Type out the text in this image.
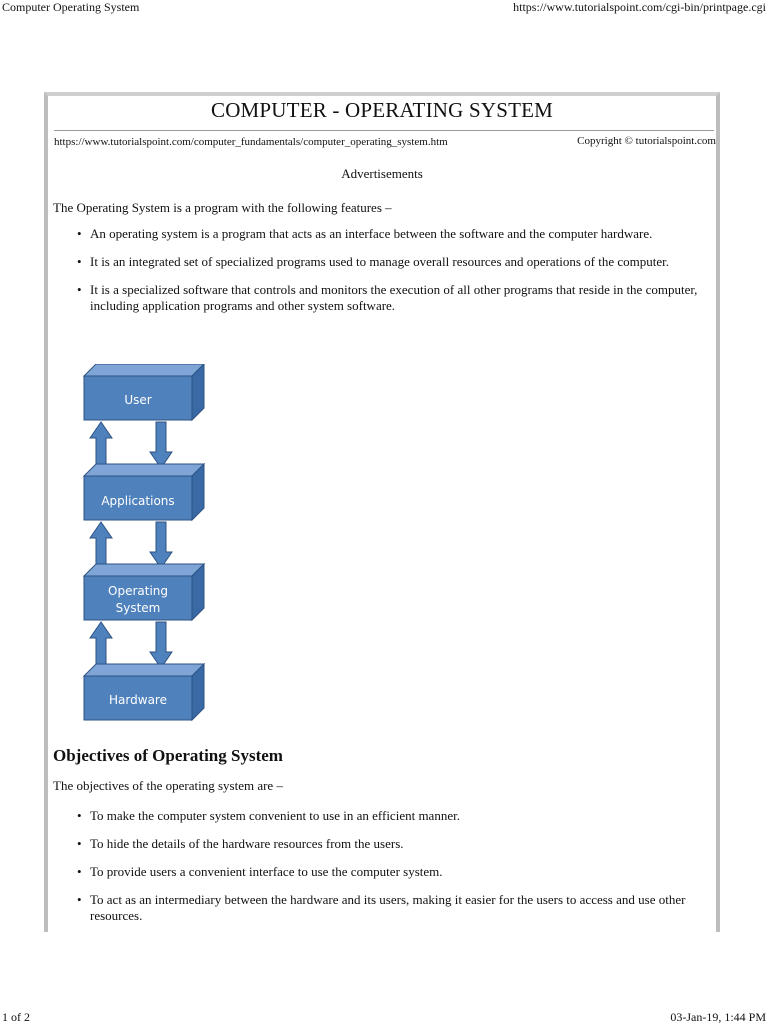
Computer Operating System	https://www.tutorialspoint.com/cgi-bin/printpage.cgi
COMPUTER - OPERATING SYSTEM
https://www.tutorialspoint.com/computer_fundamentals/computer_operating_system.htm	Copyright © tutorialspoint.com
Advertisements
The Operating System is a program with the following features –
• An operating system is a program that acts as an interface between the software and the computer hardware.
• It is an integrated set of specialized programs used to manage overall resources and operations of the computer.
• It is a specialized software that controls and monitors the execution of all other programs that reside in the computer, including application programs and other system software.
User
Applications
Operating
System
Hardware
Objectives of Operating System
The objectives of the operating system are –
• To make the computer system convenient to use in an efficient manner.
• To hide the details of the hardware resources from the users.
• To provide users a convenient interface to use the computer system.
• To act as an intermediary between the hardware and its users, making it easier for the users to access and use other resources.
1 of 2	03-Jan-19, 1:44 PM
